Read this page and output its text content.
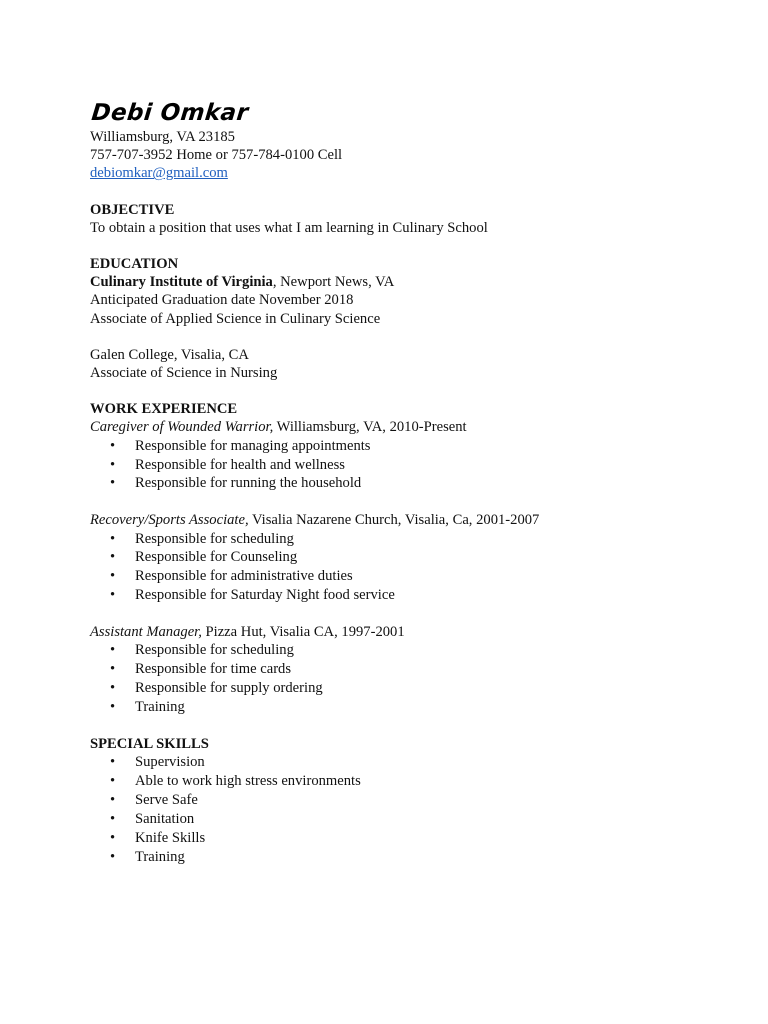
Debi Omkar
Williamsburg, VA 23185
757-707-3952 Home or 757-784-0100 Cell
debiomkar@gmail.com
OBJECTIVE
To obtain a position that uses what I am learning in Culinary School
EDUCATION
Culinary Institute of Virginia, Newport News, VA
Anticipated Graduation date November 2018
Associate of Applied Science in Culinary Science
Galen College, Visalia, CA
Associate of Science in Nursing
WORK EXPERIENCE
Caregiver of Wounded Warrior, Williamsburg, VA, 2010-Present
• Responsible for managing appointments
• Responsible for health and wellness
• Responsible for running the household
Recovery/Sports Associate, Visalia Nazarene Church, Visalia, Ca, 2001-2007
• Responsible for scheduling
• Responsible for Counseling
• Responsible for administrative duties
• Responsible for Saturday Night food service
Assistant Manager, Pizza Hut, Visalia CA, 1997-2001
• Responsible for scheduling
• Responsible for time cards
• Responsible for supply ordering
• Training
SPECIAL SKILLS
• Supervision
• Able to work high stress environments
• Serve Safe
• Sanitation
• Knife Skills
• Training
